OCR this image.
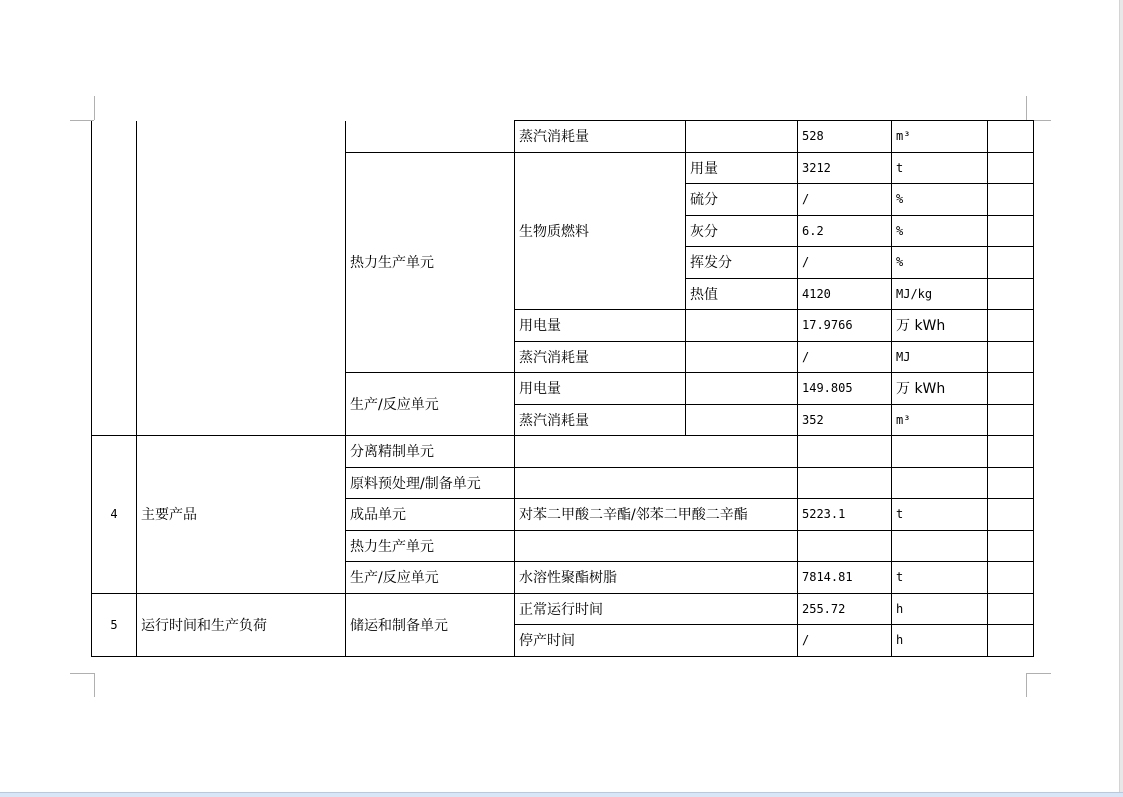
			蒸汽消耗量		528	m³	
		热力生产单元	生物质燃料	用量	3212	t	
				硫分	/	%	
				灰分	6.2	%	
				挥发分	/	%	
				热值	4120	MJ/kg	
			用电量		17.9766	万 kWh	
			蒸汽消耗量		/	MJ	
		生产/反应单元	用电量		149.805	万 kWh	
			蒸汽消耗量		352	m³	
4	主要产品	分离精制单元					
		原料预处理/制备单元					
		成品单元	对苯二甲酸二辛酯/邻苯二甲酸二辛酯		5223.1	t	
		热力生产单元					
		生产/反应单元	水溶性聚酯树脂		7814.81	t	
5	运行时间和生产负荷	储运和制备单元	正常运行时间		255.72	h	
			停产时间		/	h	
